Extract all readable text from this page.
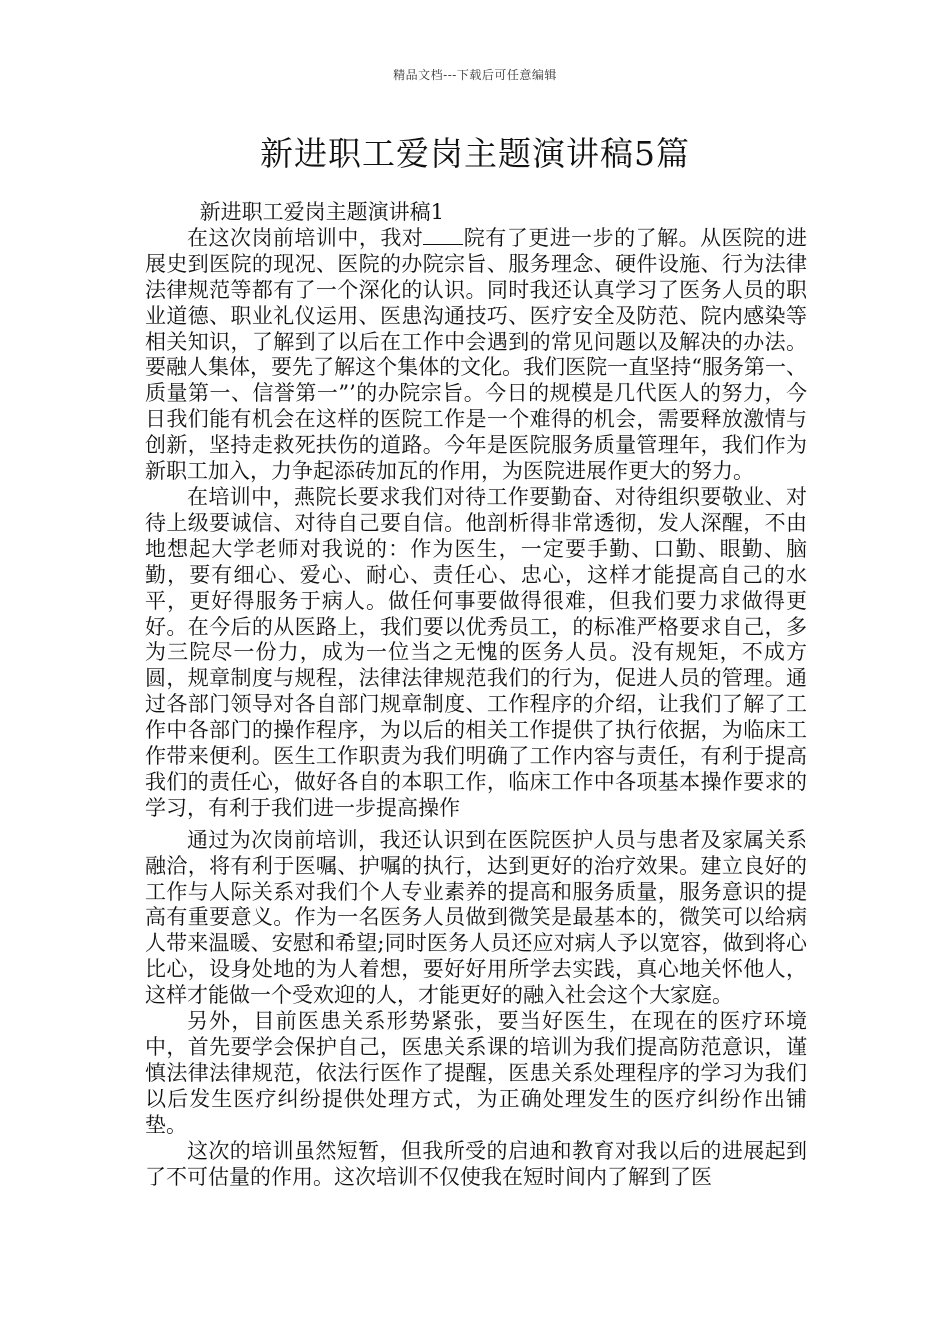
精品文档---下载后可任意编辑
新进职工爱岗主题演讲稿5篇

新进职工爱岗主题演讲稿1

在这次岗前培训中，我对 院有了更进一步的了解。从医院的进展史到医院的现况、医院的办院宗旨、服务理念、硬件设施、行为法律法律规范等都有了一个深化的认识。同时我还认真学习了医务人员的职业道德、职业礼仪运用、医患沟通技巧、医疗安全及防范、院内感染等相关知识，了解到了以后在工作中会遇到的常见问题以及解决的办法。要融人集体，要先了解这个集体的文化。我们医院一直坚持“服务第一、质量第一、信誉第一”’的办院宗旨。今日的规模是几代医人的努力，今日我们能有机会在这样的医院工作是一个难得的机会，需要释放激情与创新，坚持走救死扶伤的道路。今年是医院服务质量管理年，我们作为新职工加入，力争起添砖加瓦的作用，为医院进展作更大的努力。

在培训中，燕院长要求我们对待工作要勤奋、对待组织要敬业、对待上级要诚信、对待自己要自信。他剖析得非常透彻，发人深醒，不由地想起大学老师对我说的：作为医生，一定要手勤、口勤、眼勤、脑勤，要有细心、爱心、耐心、责任心、忠心，这样才能提高自己的水平，更好得服务于病人。做任何事要做得很难，但我们要力求做得更好。在今后的从医路上，我们要以优秀员工，的标准严格要求自己，多为三院尽一份力，成为一位当之无愧的医务人员。没有规矩，不成方圆，规章制度与规程，法律法律规范我们的行为，促进人员的管理。通过各部门领导对各自部门规章制度、工作程序的介绍，让我们了解了工作中各部门的操作程序，为以后的相关工作提供了执行依据，为临床工作带来便利。医生工作职责为我们明确了工作内容与责任，有利于提高我们的责任心，做好各自的本职工作，临床工作中各项基本操作要求的学习，有利于我们进一步提高操作

通过为次岗前培训，我还认识到在医院医护人员与患者及家属关系融洽，将有利于医嘱、护嘱的执行，达到更好的治疗效果。建立良好的工作与人际关系对我们个人专业素养的提高和服务质量，服务意识的提高有重要意义。作为一名医务人员做到微笑是最基本的，微笑可以给病人带来温暖、安慰和希望;同时医务人员还应对病人予以宽容，做到将心比心，设身处地的为人着想，要好好用所学去实践，真心地关怀他人，这样才能做一个受欢迎的人，才能更好的融入社会这个大家庭。

另外，目前医患关系形势紧张，要当好医生，在现在的医疗环境中，首先要学会保护自己，医患关系课的培训为我们提高防范意识，谨慎法律法律规范，依法行医作了提醒，医患关系处理程序的学习为我们以后发生医疗纠纷提供处理方式，为正确处理发生的医疗纠纷作出铺垫。

这次的培训虽然短暂，但我所受的启迪和教育对我以后的进展起到了不可估量的作用。这次培训不仅使我在短时间内了解到了医
